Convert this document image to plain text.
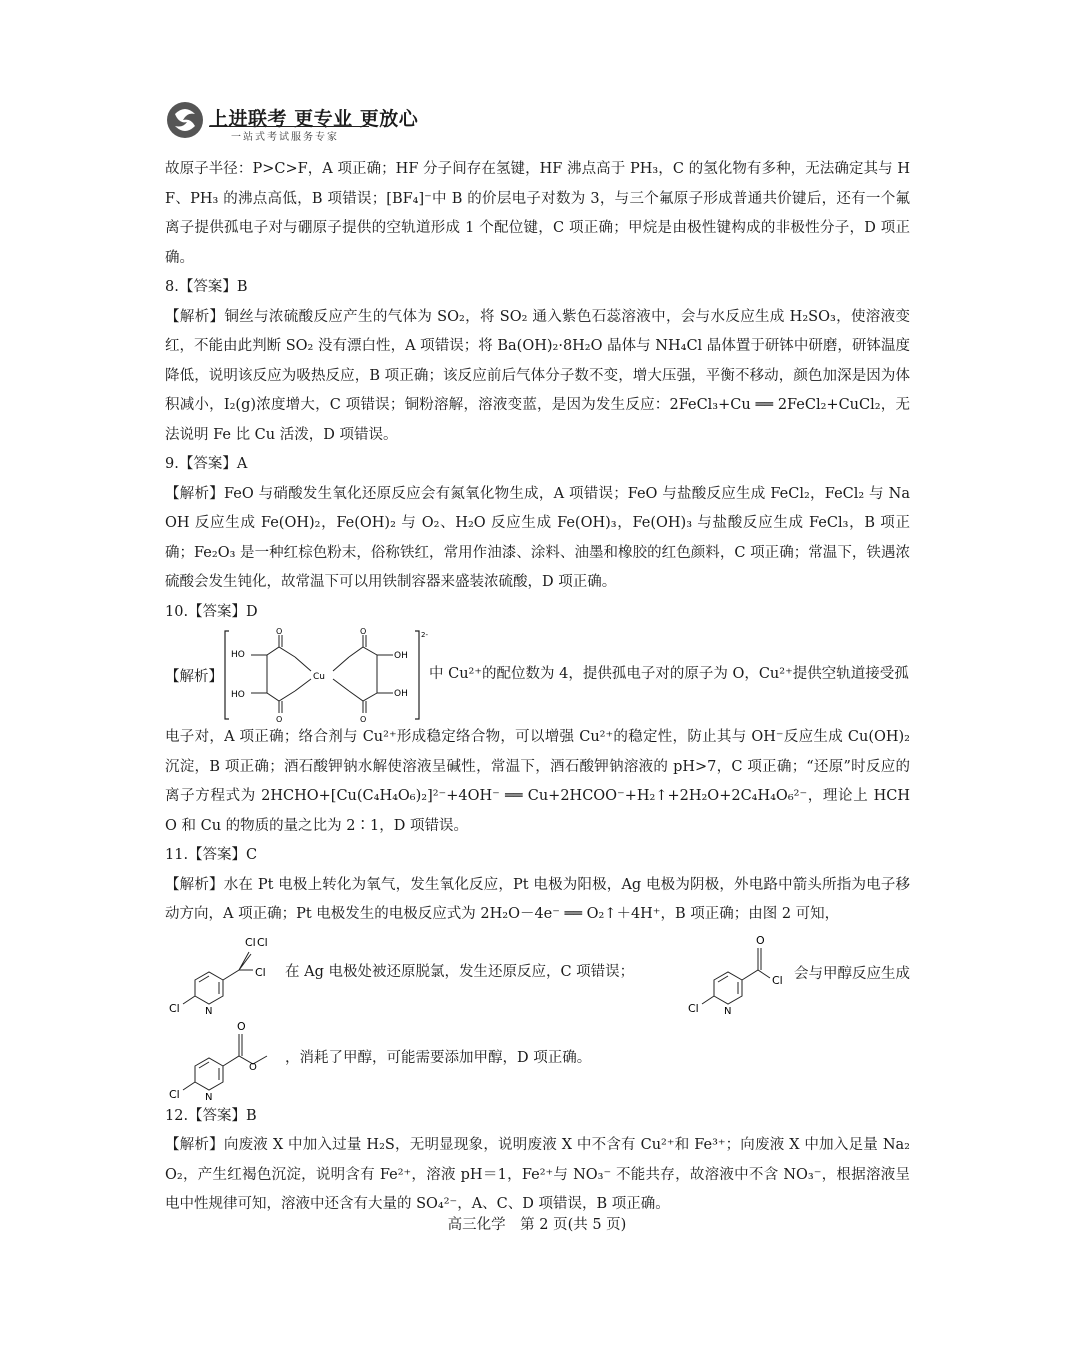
上进联考 更专业 更放心
一站式考试服务专家

故原子半径：P>C>F，A 项正确；HF 分子间存在氢键，HF 沸点高于 PH₃，C 的氢化物有多种，无法确定其与 HF、PH₃ 的沸点高低，B 项错误；[BF₄]⁻中 B 的价层电子对数为 3，与三个氟原子形成普通共价键后，还有一个氟离子提供孤电子对与硼原子提供的空轨道形成 1 个配位键，C 项正确；甲烷是由极性键构成的非极性分子，D 项正确。

8.【答案】B

【解析】铜丝与浓硫酸反应产生的气体为 SO₂，将 SO₂ 通入紫色石蕊溶液中，会与水反应生成 H₂SO₃，使溶液变红，不能由此判断 SO₂ 没有漂白性，A 项错误；将 Ba(OH)₂·8H₂O 晶体与 NH₄Cl 晶体置于研钵中研磨，研钵温度降低，说明该反应为吸热反应，B 项正确；该反应前后气体分子数不变，增大压强，平衡不移动，颜色加深是因为体积减小，I₂(g)浓度增大，C 项错误；铜粉溶解，溶液变蓝，是因为发生反应：2FeCl₃+Cu ══ 2FeCl₂+CuCl₂，无法说明 Fe 比 Cu 活泼，D 项错误。

9.【答案】A

【解析】FeO 与硝酸发生氧化还原反应会有氮氧化物生成，A 项错误；FeO 与盐酸反应生成 FeCl₂，FeCl₂ 与 NaOH 反应生成 Fe(OH)₂，Fe(OH)₂ 与 O₂、H₂O 反应生成 Fe(OH)₃，Fe(OH)₃ 与盐酸反应生成 FeCl₃，B 项正确；Fe₂O₃ 是一种红棕色粉末，俗称铁红，常用作油漆、涂料、油墨和橡胶的红色颜料，C 项正确；常温下，铁遇浓硫酸会发生钝化，故常温下可以用铁制容器来盛装浓硫酸，D 项正确。

10.【答案】D

【解析】
2-
HO
HO
O
O
Cu
O
O
OH
OH
中 Cu²⁺的配位数为 4，提供孤电子对的原子为 O，Cu²⁺提供空轨道接受孤

电子对，A 项正确；络合剂与 Cu²⁺形成稳定络合物，可以增强 Cu²⁺的稳定性，防止其与 OH⁻反应生成 Cu(OH)₂ 沉淀，B 项正确；酒石酸钾钠水解使溶液呈碱性，常温下，酒石酸钾钠溶液的 pH>7，C 项正确；“还原”时反应的离子方程式为 2HCHO+[Cu(C₄H₄O₆)₂]²⁻+4OH⁻ ══ Cu+2HCOO⁻+H₂↑+2H₂O+2C₄H₄O₆²⁻，理论上 HCHO 和 Cu 的物质的量之比为 2∶1，D 项错误。

11.【答案】C

【解析】水在 Pt 电极上转化为氧气，发生氧化反应，Pt 电极为阳极，Ag 电极为阴极，外电路中箭头所指为电子移动方向，A 项正确；Pt 电极发生的电极反应式为 2H₂O－4e⁻ ══ O₂↑＋4H⁺，B 项正确；由图 2 可知，

Cl Cl
Cl
Cl	N
在 Ag 电极处被还原脱氯，发生还原反应，C 项错误；
O
Cl
Cl	N
会与甲醇反应生成
O
O
Cl	N
，消耗了甲醇，可能需要添加甲醇，D 项正确。

12.【答案】B

【解析】向废液 X 中加入过量 H₂S，无明显现象，说明废液 X 中不含有 Cu²⁺和 Fe³⁺；向废液 X 中加入足量 Na₂O₂，产生红褐色沉淀，说明含有 Fe²⁺，溶液 pH＝1，Fe²⁺与 NO₃⁻ 不能共存，故溶液中不含 NO₃⁻，根据溶液呈电中性规律可知，溶液中还含有大量的 SO₄²⁻，A、C、D 项错误，B 项正确。

高三化学　第 2 页(共 5 页)
